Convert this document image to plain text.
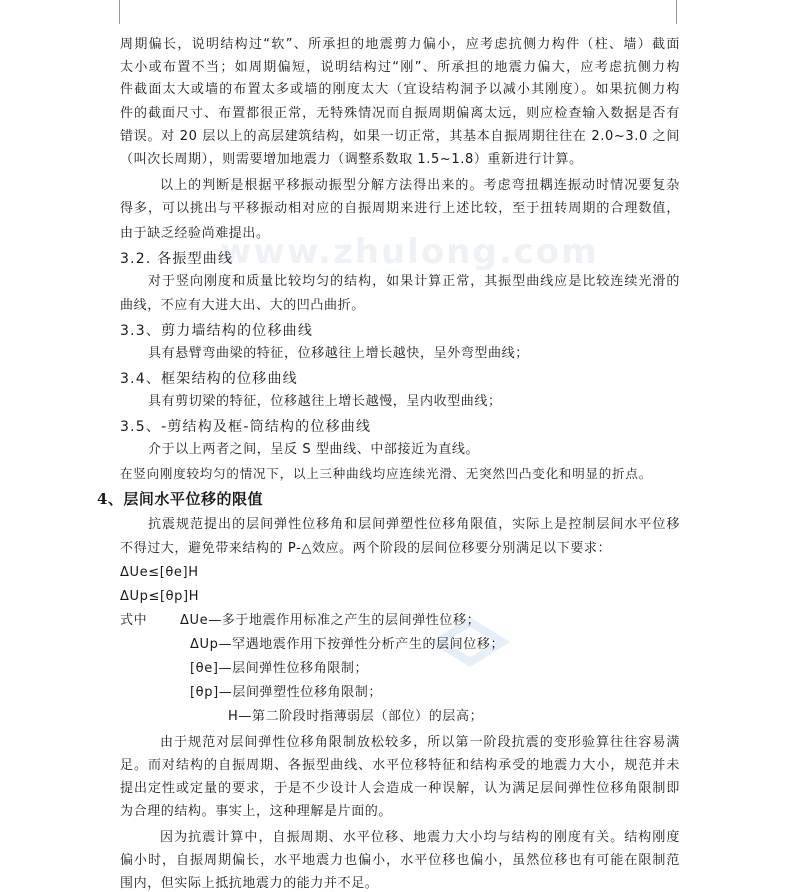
www.zhulong.com
周期偏长，说明结构过“软”、所承担的地震剪力偏小，应考虑抗侧力构件（柱、墙）截面
太小或布置不当；如周期偏短，说明结构过“刚”、所承担的地震力偏大，应考虑抗侧力构
件截面太大或墙的布置太多或墙的刚度太大（宜设结构洞予以减小其刚度）。如果抗侧力构
件的截面尺寸、布置都很正常，无特殊情况而自振周期偏离太远，则应检查输入数据是否有
错误。对 20 层以上的高层建筑结构，如果一切正常，其基本自振周期往往在 2.0~3.0 之间
（叫次长周期），则需要增加地震力（调整系数取 1.5~1.8）重新进行计算。
以上的判断是根据平移振动振型分解方法得出来的。考虑弯扭耦连振动时情况要复杂
得多，可以挑出与平移振动相对应的自振周期来进行上述比较，至于扭转周期的合理数值，
由于缺乏经验尚难提出。
3.2. 各振型曲线
对于竖向刚度和质量比较均匀的结构，如果计算正常，其振型曲线应是比较连续光滑的
曲线，不应有大进大出、大的凹凸曲折。
3.3、剪力墙结构的位移曲线
具有悬臂弯曲梁的特征，位移越往上增长越快，呈外弯型曲线；
3.4、框架结构的位移曲线
具有剪切梁的特征，位移越往上增长越慢，呈内收型曲线；
3.5、-剪结构及框-筒结构的位移曲线
介于以上两者之间，呈反 S 型曲线、中部接近为直线。
在竖向刚度较均匀的情况下，以上三种曲线均应连续光滑、无突然凹凸变化和明显的折点。
4、层间水平位移的限值
抗震规范提出的层间弹性位移角和层间弹塑性位移角限值，实际上是控制层间水平位移
不得过大，避免带来结构的 P-△效应。两个阶段的层间位移要分别满足以下要求：
ΔUe≤[θe]H
ΔUp≤[θp]H
式中	ΔUe—多于地震作用标准之产生的层间弹性位移；
ΔUp—罕遇地震作用下按弹性分析产生的层间位移；
[θe]—层间弹性位移角限制；
[θp]—层间弹塑性位移角限制；
H—第二阶段时指薄弱层（部位）的层高；
由于规范对层间弹性位移角限制放松较多，所以第一阶段抗震的变形验算往往容易满
足。而对结构的自振周期、各振型曲线、水平位移特征和结构承受的地震力大小，规范并未
提出定性或定量的要求，于是不少设计人会造成一种误解，认为满足层间弹性位移角限制即
为合理的结构。事实上，这种理解是片面的。
因为抗震计算中，自振周期、水平位移、地震力大小均与结构的刚度有关。结构刚度
偏小时，自振周期偏长，水平地震力也偏小，水平位移也偏小，虽然位移也有可能在限制范
围内，但实际上抵抗地震力的能力并不足。
